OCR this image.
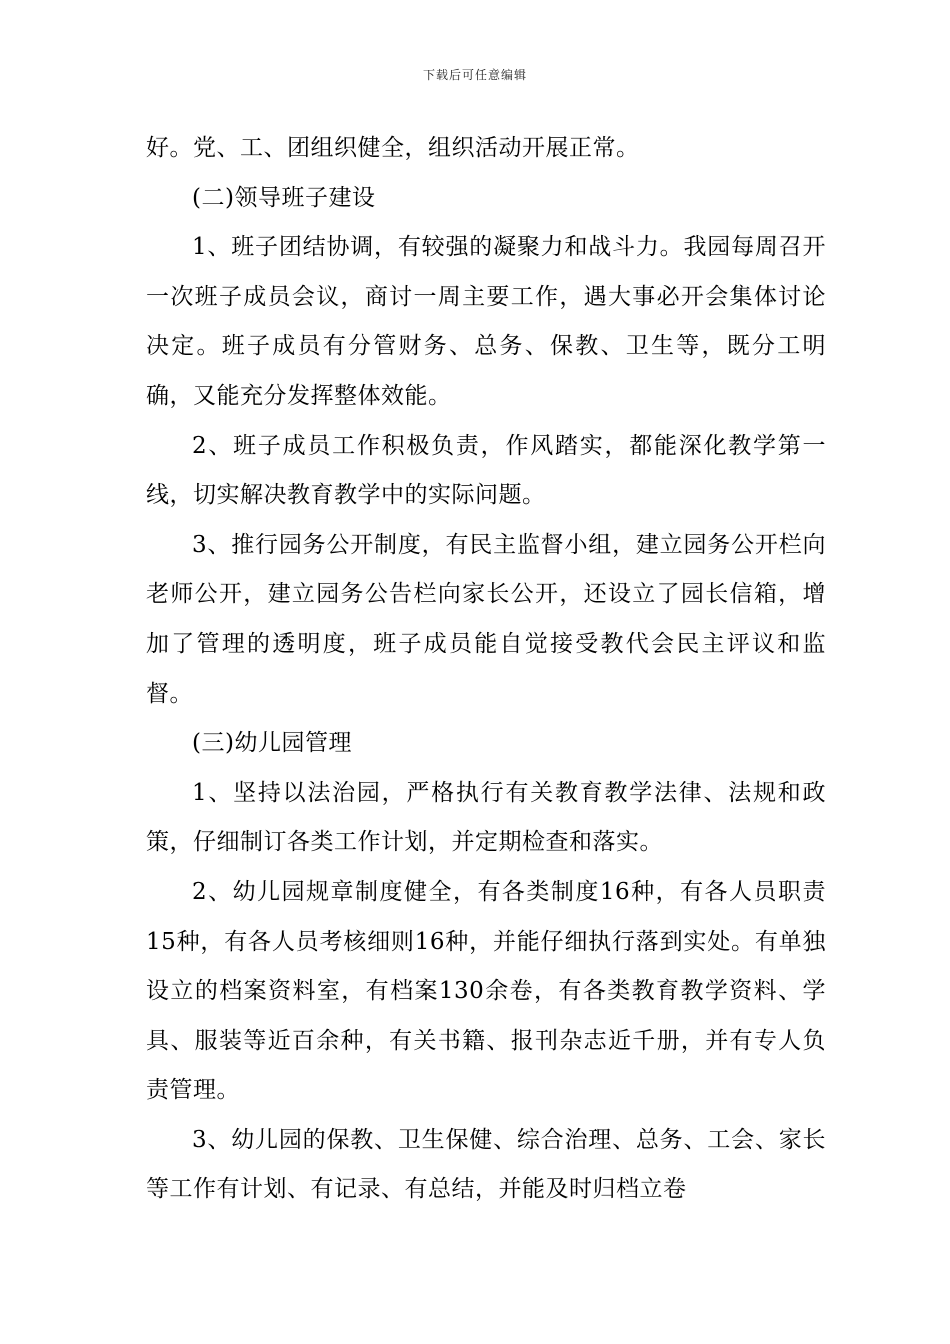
下载后可任意编辑

好。党、工、团组织健全，组织活动开展正常。

(二)领导班子建设

1、班子团结协调，有较强的凝聚力和战斗力。我园每周召开一次班子成员会议，商讨一周主要工作，遇大事必开会集体讨论决定。班子成员有分管财务、总务、保教、卫生等，既分工明确，又能充分发挥整体效能。

2、班子成员工作积极负责，作风踏实，都能深化教学第一线，切实解决教育教学中的实际问题。

3、推行园务公开制度，有民主监督小组，建立园务公开栏向老师公开，建立园务公告栏向家长公开，还设立了园长信箱，增加了管理的透明度，班子成员能自觉接受教代会民主评议和监督。

(三)幼儿园管理

1、坚持以法治园，严格执行有关教育教学法律、法规和政策，仔细制订各类工作计划，并定期检查和落实。

2、幼儿园规章制度健全，有各类制度16种，有各人员职责15种，有各人员考核细则16种，并能仔细执行落到实处。有单独设立的档案资料室，有档案130余卷，有各类教育教学资料、学具、服装等近百余种，有关书籍、报刊杂志近千册，并有专人负责管理。

3、幼儿园的保教、卫生保健、综合治理、总务、工会、家长等工作有计划、有记录、有总结，并能及时归档立卷
